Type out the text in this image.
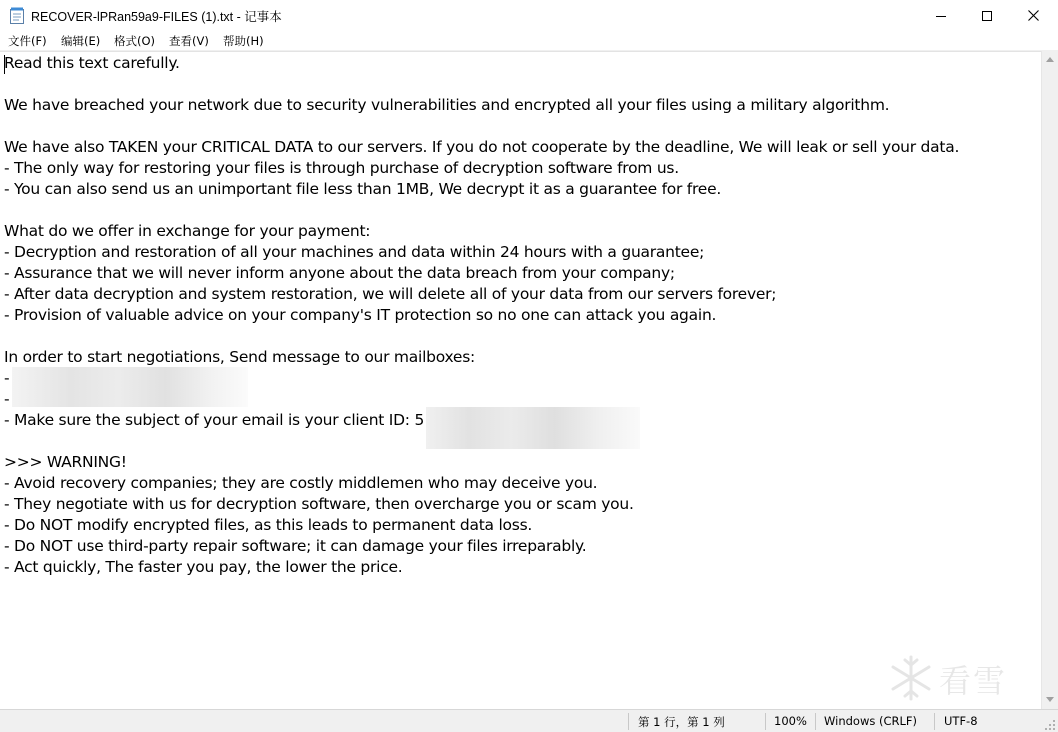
RECOVER-lPRan59a9-FILES (1).txt - 记事本
文件(F) 编辑(E) 格式(O) 查看(V) 帮助(H)
Read this text carefully.
We have breached your network due to security vulnerabilities and encrypted all your files using a military algorithm.
We have also TAKEN your CRITICAL DATA to our servers. If you do not cooperate by the deadline, We will leak or sell your data.
- The only way for restoring your files is through purchase of decryption software from us.
- You can also send us an unimportant file less than 1MB, We decrypt it as a guarantee for free.
What do we offer in exchange for your payment:
- Decryption and restoration of all your machines and data within 24 hours with a guarantee;
- Assurance that we will never inform anyone about the data breach from your company;
- After data decryption and system restoration, we will delete all of your data from our servers forever;
- Provision of valuable advice on your company's IT protection so no one can attack you again.
In order to start negotiations, Send message to our mailboxes:
-
-
- Make sure the subject of your email is your client ID: 5
>>> WARNING!
- Avoid recovery companies; they are costly middlemen who may deceive you.
- They negotiate with us for decryption software, then overcharge you or scam you.
- Do NOT modify encrypted files, as this leads to permanent data loss.
- Do NOT use third-party repair software; it can damage your files irreparably.
- Act quickly, The faster you pay, the lower the price.
看雪
第 1 行，第 1 列	100% Windows (CRLF) UTF-8
